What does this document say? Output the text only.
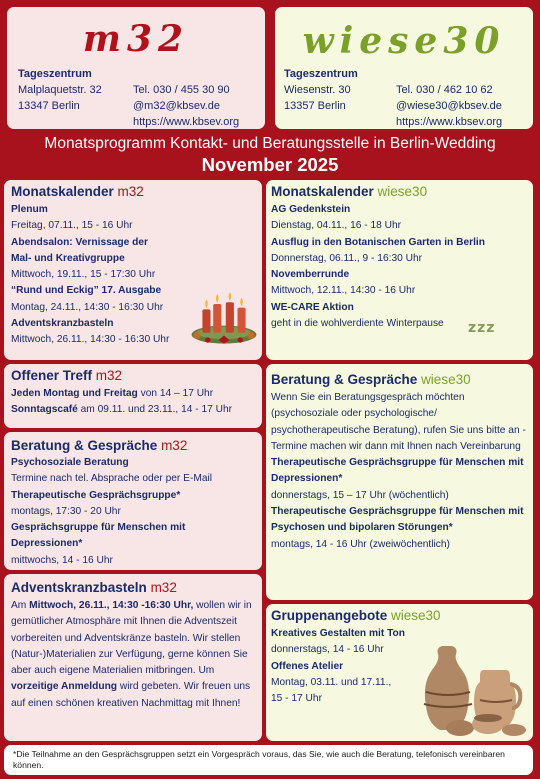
m32
Tageszentrum
Malplaquetstr. 32
13347 Berlin
Tel. 030 / 455 30 90
@m32@kbsev.de
https://www.kbsev.org
wiese30
Tageszentrum
Wiesenstr. 30
13357 Berlin
Tel. 030 / 462 10 62
@wiese30@kbsev.de
https://www.kbsev.org
Monatsprogramm Kontakt- und Beratungsstelle in Berlin-Wedding
November 2025
Monatskalender m32
Plenum
Freitag, 07.11., 15 - 16 Uhr
Abendsalon: Vernissage der
Mal- und Kreativgruppe
Mittwoch, 19.11., 15 - 17:30 Uhr
“Rund und Eckig” 17. Ausgabe
Montag, 24.11., 14:30 - 16:30 Uhr
Adventskranzbasteln
Mittwoch, 26.11., 14:30 - 16:30 Uhr
Monatskalender wiese30
AG Gedenkstein
Dienstag, 04.11., 16 - 18 Uhr
Ausflug in den Botanischen Garten in Berlin
Donnerstag, 06.11., 9 - 16:30 Uhr
Novemberrunde
Mittwoch, 12.11., 14:30 - 16 Uhr
WE-CARE Aktion
geht in die wohlverdiente Winterpause	zzz
Offener Treff m32
Jeden Montag und Freitag von 14 – 17 Uhr
Sonntagscafé am 09.11. und 23.11., 14 - 17 Uhr
Beratung & Gespräche m32
Psychosoziale Beratung
Termine nach tel. Absprache oder per E-Mail
Therapeutische Gesprächsgruppe*
montags, 17:30 - 20 Uhr
Gesprächsgruppe für Menschen mit
Depressionen*
mittwochs, 14 - 16 Uhr
Adventskranzbasteln m32
Am Mittwoch, 26.11., 14:30 -16:30 Uhr, wollen wir in gemütlicher Atmosphäre mit Ihnen die Adventszeit vorbereiten und Adventskränze basteln. Wir stellen (Natur-)Materialien zur Verfügung, gerne können Sie aber auch eigene Materialien mitbringen. Um vorzeitige Anmeldung wird gebeten. Wir freuen uns auf einen schönen kreativen Nachmittag mit Ihnen!
Beratung & Gespräche wiese30
Wenn Sie ein Beratungsgespräch möchten (psychosoziale oder psychologische/ psychotherapeutische Beratung), rufen Sie uns bitte an - Termine machen wir dann mit Ihnen nach Vereinbarung
Therapeutische Gesprächsgruppe für Menschen mit Depressionen*
donnerstags, 15 – 17 Uhr (wöchentlich)
Therapeutische Gesprächsgruppe für Menschen mit Psychosen und bipolaren Störungen*
montags, 14 - 16 Uhr (zweiwöchentlich)
Gruppenangebote wiese30
Kreatives Gestalten mit Ton
donnerstags, 14 - 16 Uhr
Offenes Atelier
Montag, 03.11. und 17.11.,
15 - 17 Uhr
*Die Teilnahme an den Gesprächsgruppen setzt ein Vorgespräch voraus, das Sie, wie auch die Beratung, telefonisch vereinbaren können.
